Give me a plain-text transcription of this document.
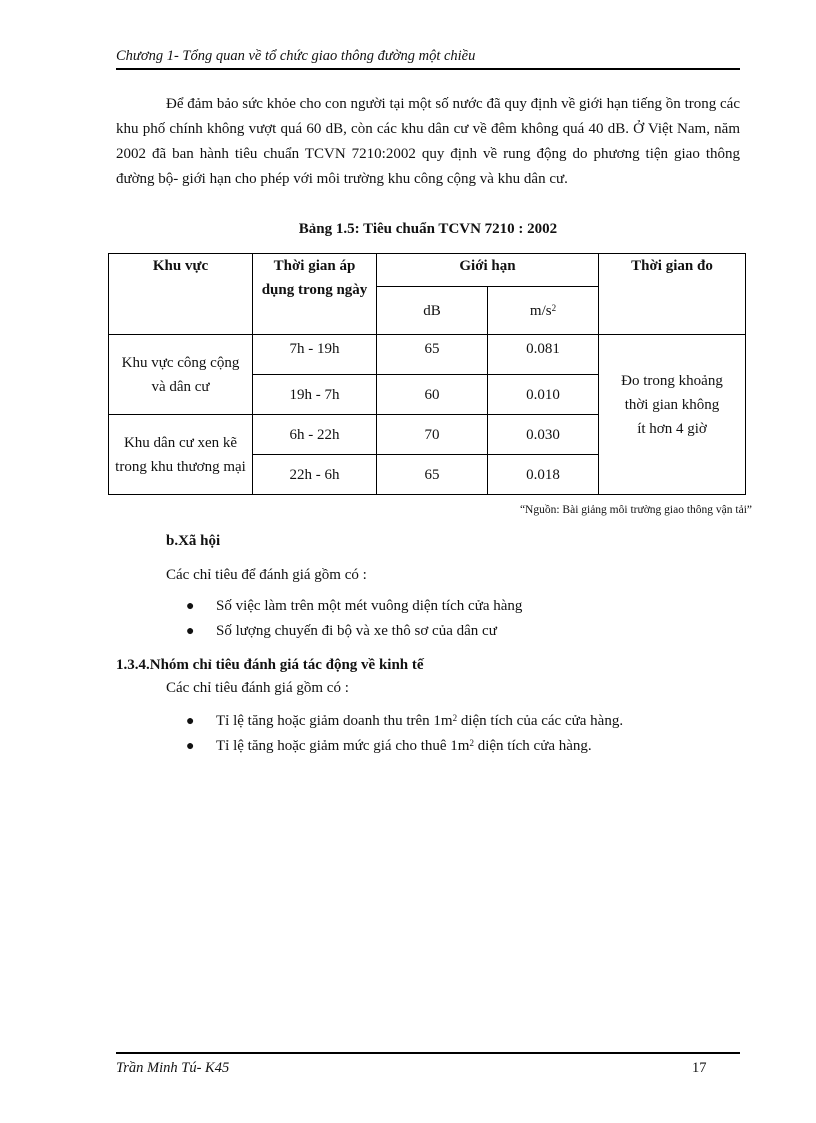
Chương 1- Tổng quan về tổ chức giao thông đường một chiều

Để đảm bảo sức khỏe cho con người tại một số nước đã quy định về giới hạn tiếng ồn trong các khu phố chính không vượt quá 60 dB, còn các khu dân cư về đêm không quá 40 dB. Ở Việt Nam, năm 2002 đã ban hành tiêu chuẩn TCVN 7210:2002 quy định về rung động do phương tiện giao thông đường bộ- giới hạn cho phép với môi trường khu công cộng và khu dân cư.

Bảng 1.5: Tiêu chuẩn TCVN 7210 : 2002
Khu vực	Thời gian áp dụng trong ngày	Giới hạn		Thời gian đo
		dB	$m/s^2$
Khu vực công cộng và dân cư	7h - 19h	65	0.081	Đo trong khoảng thời gian không ít hơn 4 giờ
	19h - 7h	60	0.010	
Khu dân cư xen kẽ trong khu thương mại	6h - 22h	70	0.030	
	22h - 6h	65	0.018	
“Nguồn: Bài giảng môi trường giao thông vận tải”
b.Xã hội
Các chỉ tiêu để đánh giá gồm có :
● Số việc làm trên một mét vuông diện tích cửa hàng
● Số lượng chuyến đi bộ và xe thô sơ của dân cư
1.3.4.Nhóm chỉ tiêu đánh giá tác động về kinh tế
Các chỉ tiêu đánh giá gồm có :
● Tỉ lệ tăng hoặc giảm doanh thu trên $1m^2$ diện tích của các cửa hàng.
● Tỉ lệ tăng hoặc giảm mức giá cho thuê $1m^2$ diện tích cửa hàng.
Trần Minh Tú- K45	17
